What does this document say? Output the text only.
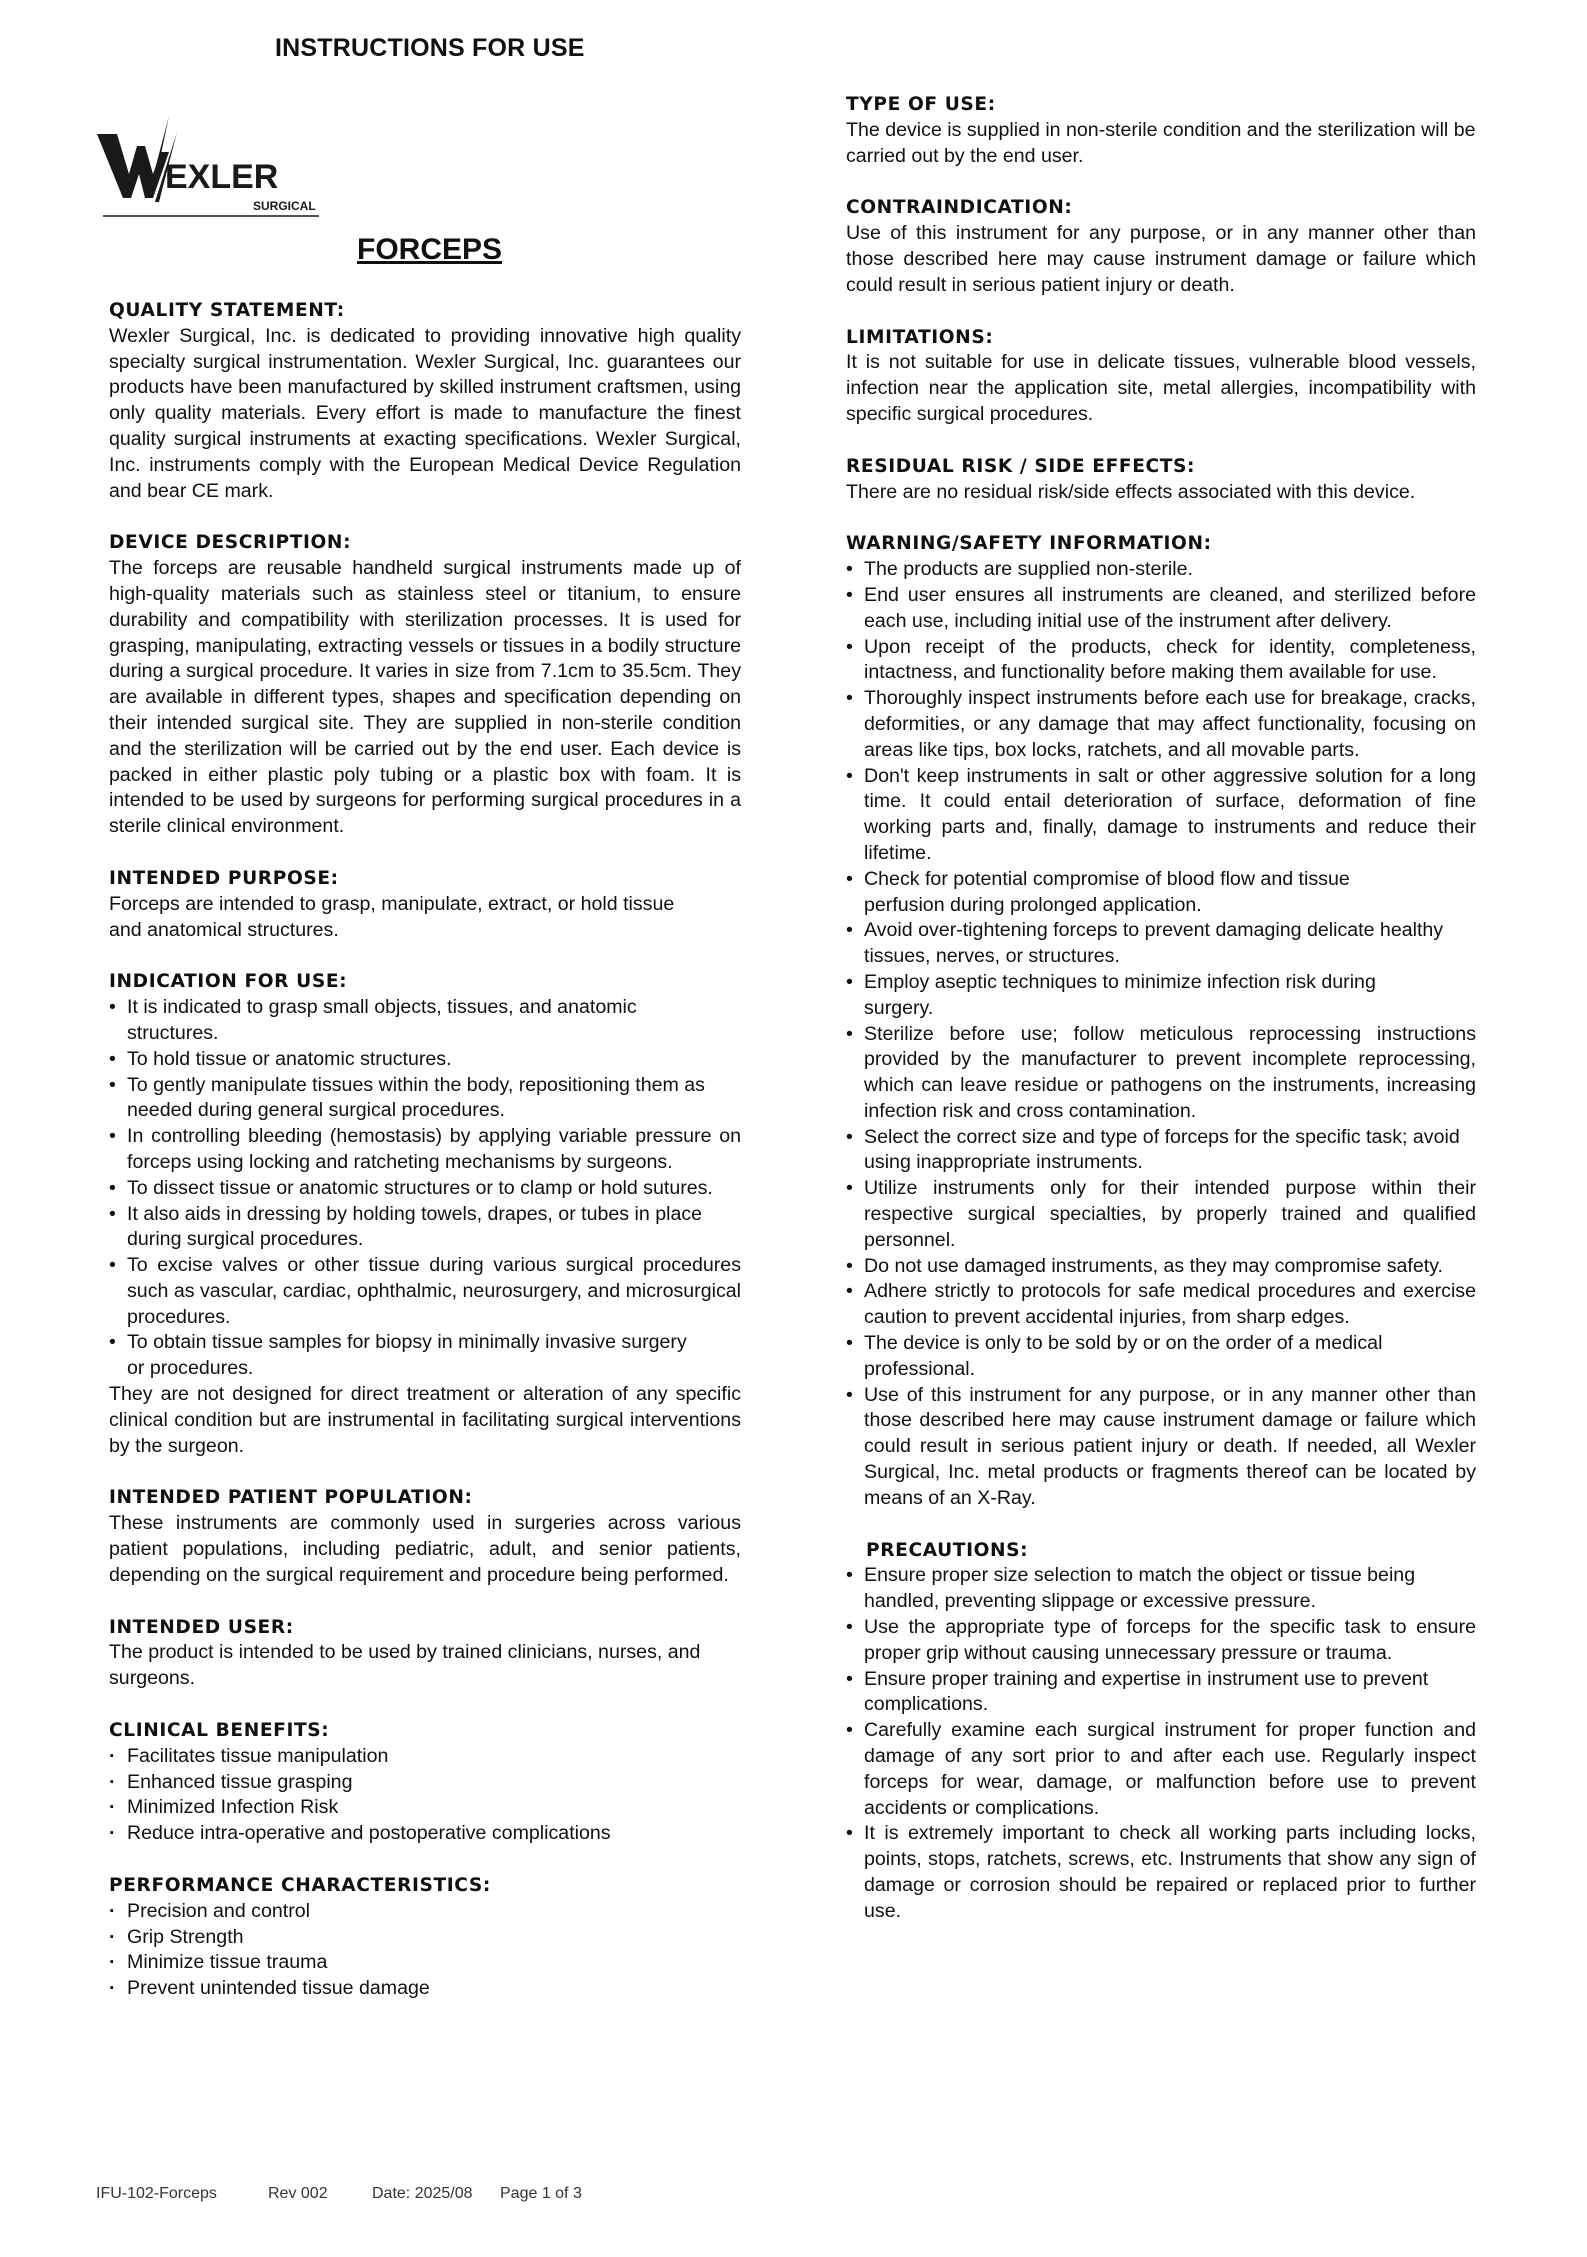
INSTRUCTIONS FOR USE
EXLER
SURGICAL
FORCEPS
QUALITY STATEMENT:

Wexler Surgical, Inc. is dedicated to providing innovative high quality specialty surgical instrumentation. Wexler Surgical, Inc. guarantees our products have been manufactured by skilled instrument craftsmen, using only quality materials. Every effort is made to manufacture the finest quality surgical instruments at exacting specifications. Wexler Surgical, Inc. instruments comply with the European Medical Device Regulation and bear CE mark.

DEVICE DESCRIPTION:

The forceps are reusable handheld surgical instruments made up of high-quality materials such as stainless steel or titanium, to ensure durability and compatibility with sterilization processes. It is used for grasping, manipulating, extracting vessels or tissues in a bodily structure during a surgical procedure. It varies in size from 7.1cm to 35.5cm. They are available in different types, shapes and specification depending on their intended surgical site. They are supplied in non-sterile condition and the sterilization will be carried out by the end user. Each device is packed in either plastic poly tubing or a plastic box with foam. It is intended to be used by surgeons for performing surgical procedures in a sterile clinical environment.

INTENDED PURPOSE:

Forceps are intended to grasp, manipulate, extract, or hold tissue and anatomical structures.

INDICATION FOR USE:
• It is indicated to grasp small objects, tissues, and anatomic structures.
• To hold tissue or anatomic structures.
• To gently manipulate tissues within the body, repositioning them as needed during general surgical procedures.
• In controlling bleeding (hemostasis) by applying variable pressure on forceps using locking and ratcheting mechanisms by surgeons.
• To dissect tissue or anatomic structures or to clamp or hold sutures.
• It also aids in dressing by holding towels, drapes, or tubes in place during surgical procedures.
• To excise valves or other tissue during various surgical procedures such as vascular, cardiac, ophthalmic, neurosurgery, and microsurgical procedures.
• To obtain tissue samples for biopsy in minimally invasive surgery or procedures.

They are not designed for direct treatment or alteration of any specific clinical condition but are instrumental in facilitating surgical interventions by the surgeon.

INTENDED PATIENT POPULATION:

These instruments are commonly used in surgeries across various patient populations, including pediatric, adult, and senior patients, depending on the surgical requirement and procedure being performed.

INTENDED USER:

The product is intended to be used by trained clinicians, nurses, and surgeons.

CLINICAL BENEFITS:
· Facilitates tissue manipulation
· Enhanced tissue grasping
· Minimized Infection Risk
· Reduce intra-operative and postoperative complications
PERFORMANCE CHARACTERISTICS:
· Precision and control
· Grip Strength
· Minimize tissue trauma
· Prevent unintended tissue damage
TYPE OF USE:

The device is supplied in non-sterile condition and the sterilization will be carried out by the end user.

CONTRAINDICATION:

Use of this instrument for any purpose, or in any manner other than those described here may cause instrument damage or failure which could result in serious patient injury or death.

LIMITATIONS:

It is not suitable for use in delicate tissues, vulnerable blood vessels, infection near the application site, metal allergies, incompatibility with specific surgical procedures.

RESIDUAL RISK / SIDE EFFECTS:

There are no residual risk/side effects associated with this device.

WARNING/SAFETY INFORMATION:
• The products are supplied non-sterile.
• End user ensures all instruments are cleaned, and sterilized before each use, including initial use of the instrument after delivery.
• Upon receipt of the products, check for identity, completeness, intactness, and functionality before making them available for use.
• Thoroughly inspect instruments before each use for breakage, cracks, deformities, or any damage that may affect functionality, focusing on areas like tips, box locks, ratchets, and all movable parts.
• Don't keep instruments in salt or other aggressive solution for a long time. It could entail deterioration of surface, deformation of fine working parts and, finally, damage to instruments and reduce their lifetime.
• Check for potential compromise of blood flow and tissue perfusion during prolonged application.
• Avoid over-tightening forceps to prevent damaging delicate healthy tissues, nerves, or structures.
• Employ aseptic techniques to minimize infection risk during surgery.
• Sterilize before use; follow meticulous reprocessing instructions provided by the manufacturer to prevent incomplete reprocessing, which can leave residue or pathogens on the instruments, increasing infection risk and cross contamination.
• Select the correct size and type of forceps for the specific task; avoid using inappropriate instruments.
• Utilize instruments only for their intended purpose within their respective surgical specialties, by properly trained and qualified personnel.
• Do not use damaged instruments, as they may compromise safety.
• Adhere strictly to protocols for safe medical procedures and exercise caution to prevent accidental injuries, from sharp edges.
• The device is only to be sold by or on the order of a medical professional.
• Use of this instrument for any purpose, or in any manner other than those described here may cause instrument damage or failure which could result in serious patient injury or death. If needed, all Wexler Surgical, Inc. metal products or fragments thereof can be located by means of an X-Ray.
PRECAUTIONS:
• Ensure proper size selection to match the object or tissue being handled, preventing slippage or excessive pressure.
• Use the appropriate type of forceps for the specific task to ensure proper grip without causing unnecessary pressure or trauma.
• Ensure proper training and expertise in instrument use to prevent complications.
• Carefully examine each surgical instrument for proper function and damage of any sort prior to and after each use. Regularly inspect forceps for wear, damage, or malfunction before use to prevent accidents or complications.
• It is extremely important to check all working parts including locks, points, stops, ratchets, screws, etc. Instruments that show any sign of damage or corrosion should be repaired or replaced prior to further use.
IFU-102-Forceps	Rev 002	Date: 2025/08 Page 1 of 3
